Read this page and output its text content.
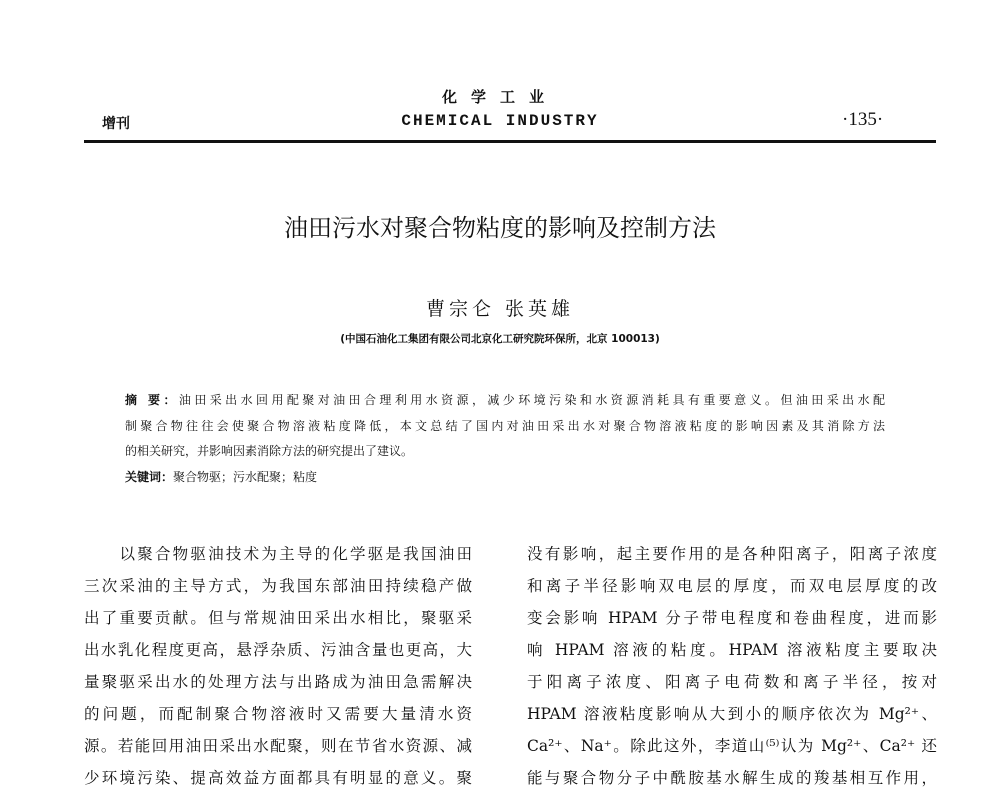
化学工业
CHEMICAL INDUSTRY
增刊	·135·
油田污水对聚合物粘度的影响及控制方法
曹宗仑 张英雄
(中国石油化工集团有限公司北京化工研究院环保所，北京 100013)
摘 要：油田采出水回用配聚对油田合理利用水资源，减少环境污染和水资源消耗具有重要意义。但油田采出水配
制聚合物往往会使聚合物溶液粘度降低，本文总结了国内对油田采出水对聚合物溶液粘度的影响因素及其消除方法
的相关研究，并影响因素消除方法的研究提出了建议。
关键词：聚合物驱；污水配聚；粘度
　　以聚合物驱油技术为主导的化学驱是我国油田
三次采油的主导方式，为我国东部油田持续稳产做
出了重要贡献。但与常规油田采出水相比，聚驱采
出水乳化程度更高，悬浮杂质、污油含量也更高，大
量聚驱采出水的处理方法与出路成为油田急需解决
的问题，而配制聚合物溶液时又需要大量清水资
源。若能回用油田采出水配聚，则在节省水资源、减
少环境污染、提高效益方面都具有明显的意义。聚
没有影响，起主要作用的是各种阳离子，阳离子浓度
和离子半径影响双电层的厚度，而双电层厚度的改
变会影响 HPAM 分子带电程度和卷曲程度，进而影
响 HPAM 溶液的粘度。HPAM 溶液粘度主要取决
于阳离子浓度、阳离子电荷数和离子半径，按对
HPAM 溶液粘度影响从大到小的顺序依次为 Mg²⁺、
Ca²⁺、Na⁺。除此这外，李道山⁽⁵⁾认为 Mg²⁺、Ca²⁺ 还
能与聚合物分子中酰胺基水解生成的羧基相互作用，
